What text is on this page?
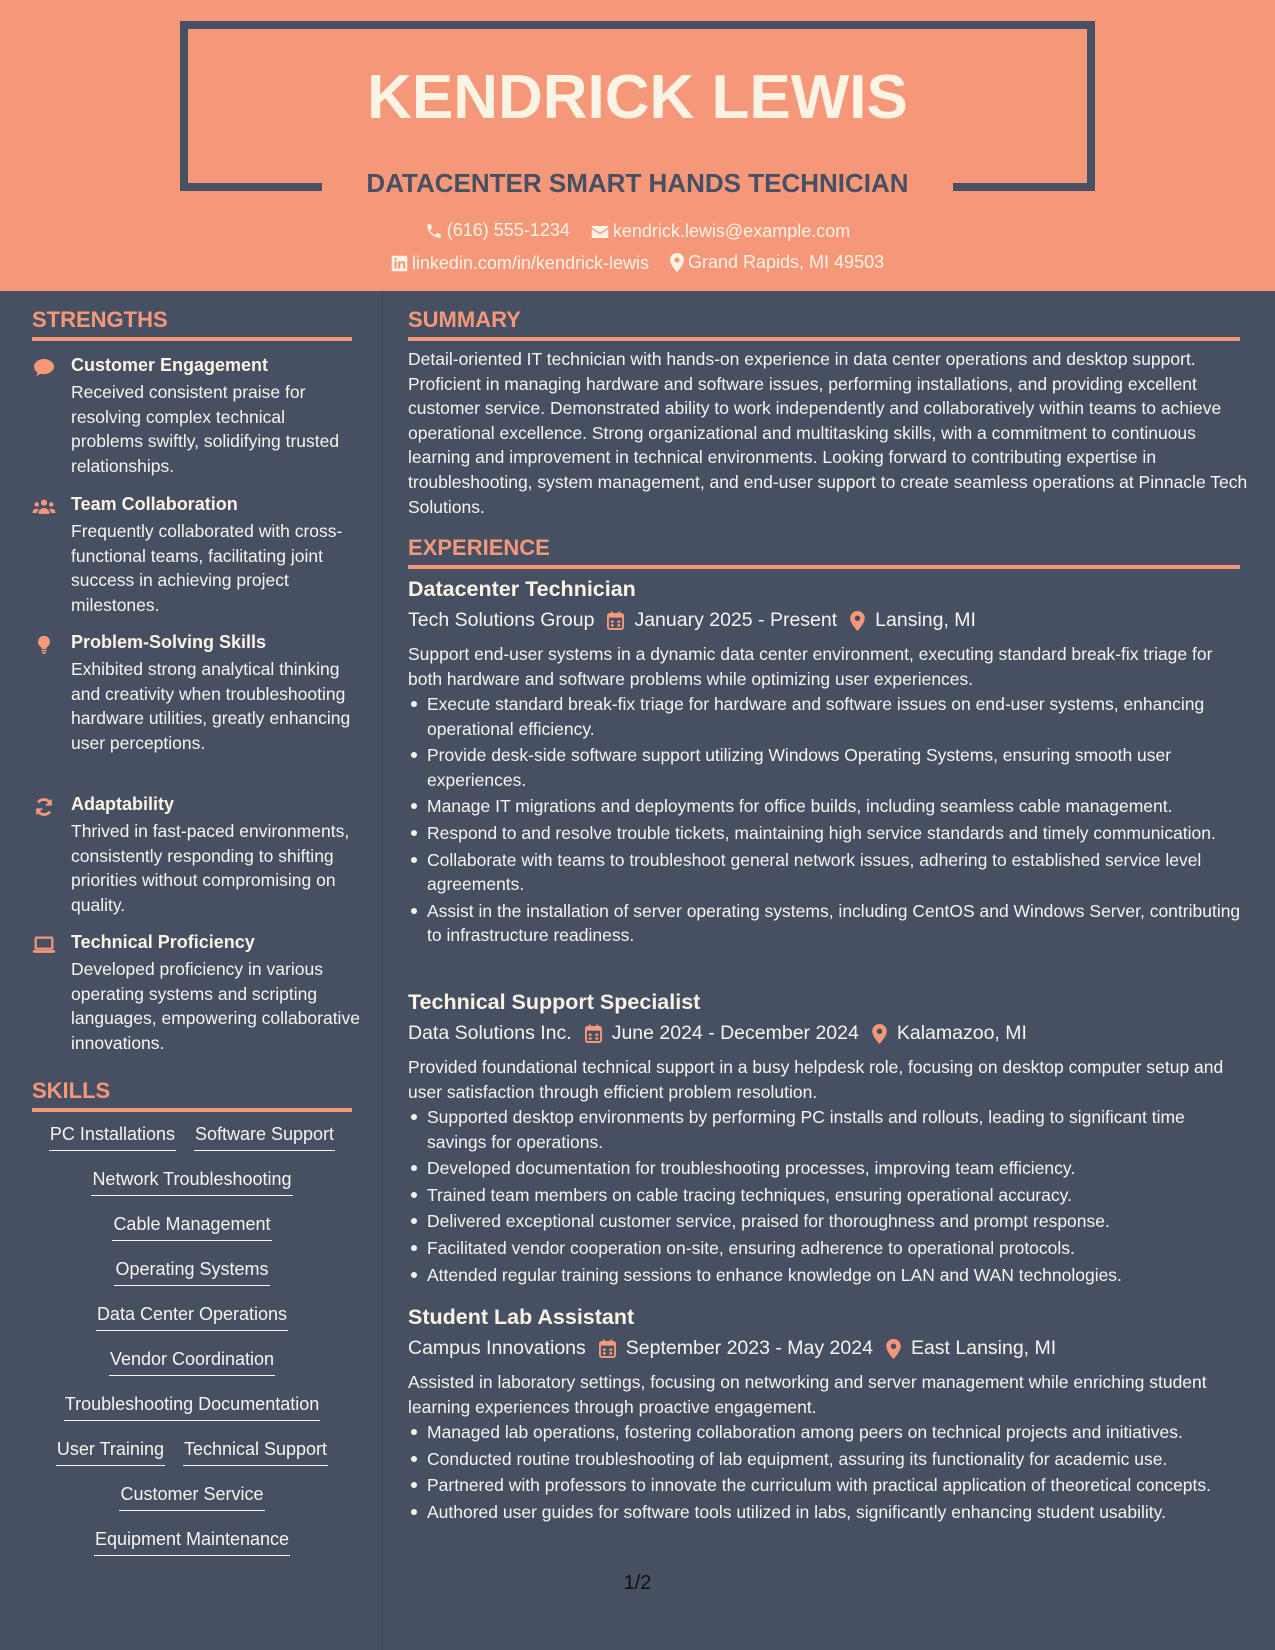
KENDRICK LEWIS
DATACENTER SMART HANDS TECHNICIAN
(616) 555-1234
kendrick.lewis@example.com
linkedin.com/in/kendrick-lewis
Grand Rapids, MI 49503
STRENGTHS
Customer Engagement
Received consistent praise for resolving complex technical problems swiftly, solidifying trusted relationships.
Team Collaboration
Frequently collaborated with cross-functional teams, facilitating joint success in achieving project milestones.
Problem-Solving Skills
Exhibited strong analytical thinking and creativity when troubleshooting hardware utilities, greatly enhancing user perceptions.
Adaptability
Thrived in fast-paced environments, consistently responding to shifting priorities without compromising on quality.
Technical Proficiency
Developed proficiency in various operating systems and scripting languages, empowering collaborative innovations.
SKILLS
PC Installations Software Support
Network Troubleshooting
Cable Management
Operating Systems
Data Center Operations
Vendor Coordination
Troubleshooting Documentation
User Training Technical Support
Customer Service
Equipment Maintenance
SUMMARY
Detail-oriented IT technician with hands-on experience in data center operations and desktop support. Proficient in managing hardware and software issues, performing installations, and providing excellent customer service. Demonstrated ability to work independently and collaboratively within teams to achieve operational excellence. Strong organizational and multitasking skills, with a commitment to continuous learning and improvement in technical environments. Looking forward to contributing expertise in troubleshooting, system management, and end-user support to create seamless operations at Pinnacle Tech Solutions.
EXPERIENCE
Datacenter Technician
Tech Solutions Group January 2025 - Present Lansing, MI
Support end-user systems in a dynamic data center environment, executing standard break-fix triage for both hardware and software problems while optimizing user experiences.
Execute standard break-fix triage for hardware and software issues on end-user systems, enhancing operational efficiency.
Provide desk-side software support utilizing Windows Operating Systems, ensuring smooth user experiences.
Manage IT migrations and deployments for office builds, including seamless cable management.
Respond to and resolve trouble tickets, maintaining high service standards and timely communication.
Collaborate with teams to troubleshoot general network issues, adhering to established service level agreements.
Assist in the installation of server operating systems, including CentOS and Windows Server, contributing to infrastructure readiness.
Technical Support Specialist
Data Solutions Inc. June 2024 - December 2024 Kalamazoo, MI
Provided foundational technical support in a busy helpdesk role, focusing on desktop computer setup and user satisfaction through efficient problem resolution.
Supported desktop environments by performing PC installs and rollouts, leading to significant time savings for operations.
Developed documentation for troubleshooting processes, improving team efficiency.
Trained team members on cable tracing techniques, ensuring operational accuracy.
Delivered exceptional customer service, praised for thoroughness and prompt response.
Facilitated vendor cooperation on-site, ensuring adherence to operational protocols.
Attended regular training sessions to enhance knowledge on LAN and WAN technologies.
Student Lab Assistant
Campus Innovations September 2023 - May 2024 East Lansing, MI
Assisted in laboratory settings, focusing on networking and server management while enriching student learning experiences through proactive engagement.
Managed lab operations, fostering collaboration among peers on technical projects and initiatives.
Conducted routine troubleshooting of lab equipment, assuring its functionality for academic use.
Partnered with professors to innovate the curriculum with practical application of theoretical concepts.
Authored user guides for software tools utilized in labs, significantly enhancing student usability.
1/2
